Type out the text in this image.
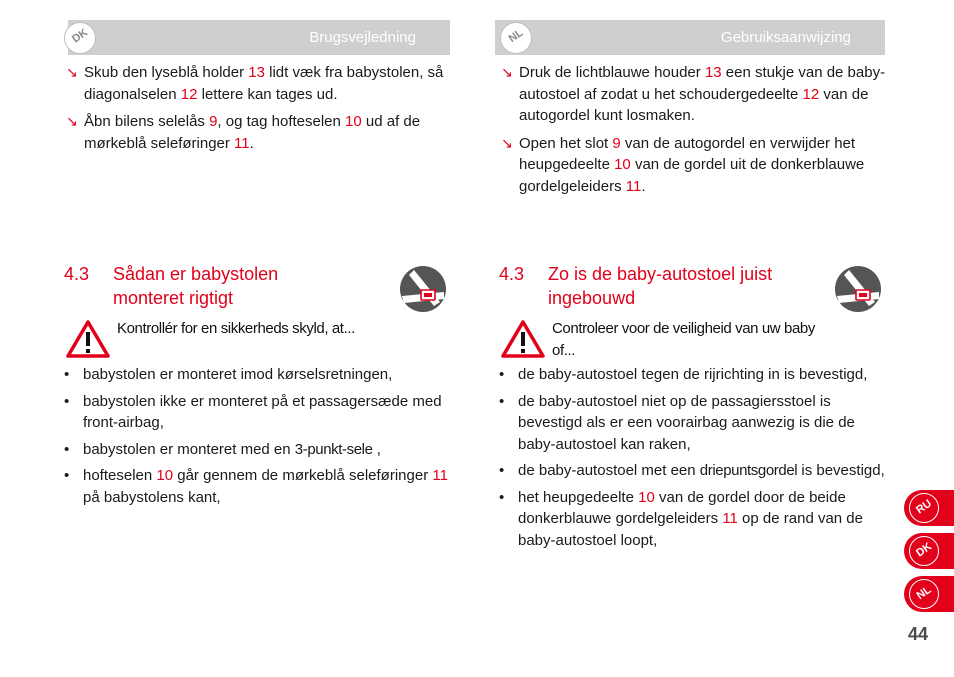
Brugsvejledning
DK
↘ Skub den lyseblå holder 13 lidt væk fra babystolen, så diagonalselen 12 lettere kan tages ud.
↘ Åbn bilens selelås 9, og tag hofteselen 10 ud af de mørkeblå seleføringer 11.
4.3 Sådan er babystolen monteret rigtigt
Kontrollér for en sikkerheds skyld, at...
• babystolen er monteret imod kørselsretningen,
• babystolen ikke er monteret på et passagersæde med front-airbag,
• babystolen er monteret med en 3-punkt-sele ,
• hofteselen 10 går gennem de mørkeblå seleføringer 11 på babystolens kant,
Gebruiksaanwijzing
NL
↘ Druk de lichtblauwe houder 13 een stukje van de baby-autostoel af zodat u het schoudergedeelte 12 van de autogordel kunt losmaken.
↘ Open het slot 9 van de autogordel en verwijder het heupgedeelte 10 van de gordel uit de donkerblauwe gordelgeleiders 11.
4.3 Zo is de baby-autostoel juist ingebouwd
Controleer voor de veiligheid van uw baby of...
• de baby-autostoel tegen de rijrichting in is bevestigd,
• de baby-autostoel niet op de passagiersstoel is bevestigd als er een voorairbag aanwezig is die de baby-autostoel kan raken,
• de baby-autostoel met een driepuntsgordel is bevestigd,
• het heupgedeelte 10 van de gordel door de beide donkerblauwe gordelgeleiders 11 op de rand van de baby-autostoel loopt,
RU
DK
NL
44
